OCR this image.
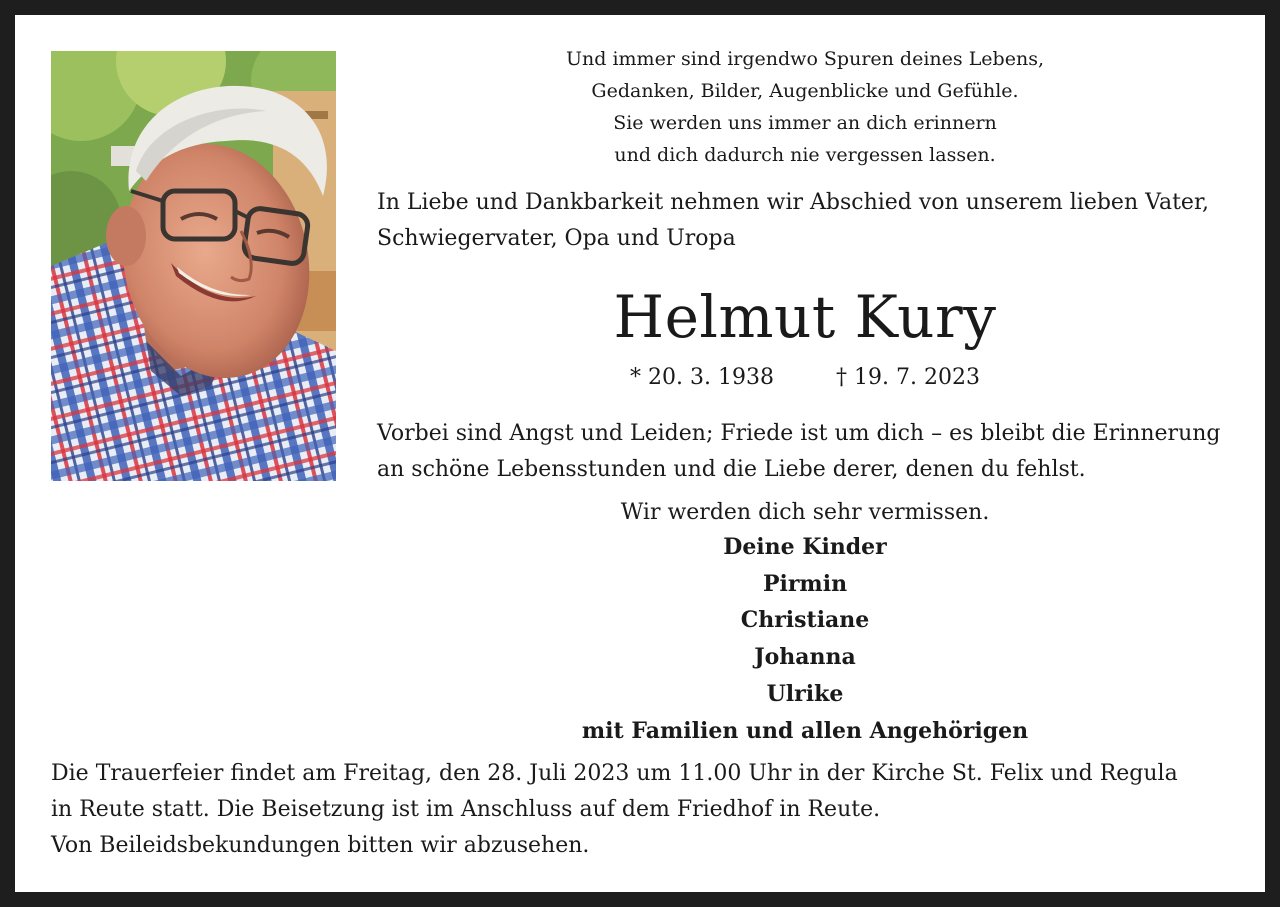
Und immer sind irgendwo Spuren deines Lebens,
Gedanken, Bilder, Augenblicke und Gefühle.
Sie werden uns immer an dich erinnern
und dich dadurch nie vergessen lassen.
In Liebe und Dankbarkeit nehmen wir Abschied von unserem lieben Vater,
Schwiegervater, Opa und Uropa
Helmut Kury
* 20. 3. 1938	† 19. 7. 2023
Vorbei sind Angst und Leiden; Friede ist um dich – es bleibt die Erinnerung
an schöne Lebensstunden und die Liebe derer, denen du fehlst.
Wir werden dich sehr vermissen.
Deine Kinder
Pirmin
Christiane
Johanna
Ulrike
mit Familien und allen Angehörigen
Die Trauerfeier findet am Freitag, den 28. Juli 2023 um 11.00 Uhr in der Kirche St. Felix und Regula
in Reute statt. Die Beisetzung ist im Anschluss auf dem Friedhof in Reute.
Von Beileidsbekundungen bitten wir abzusehen.
